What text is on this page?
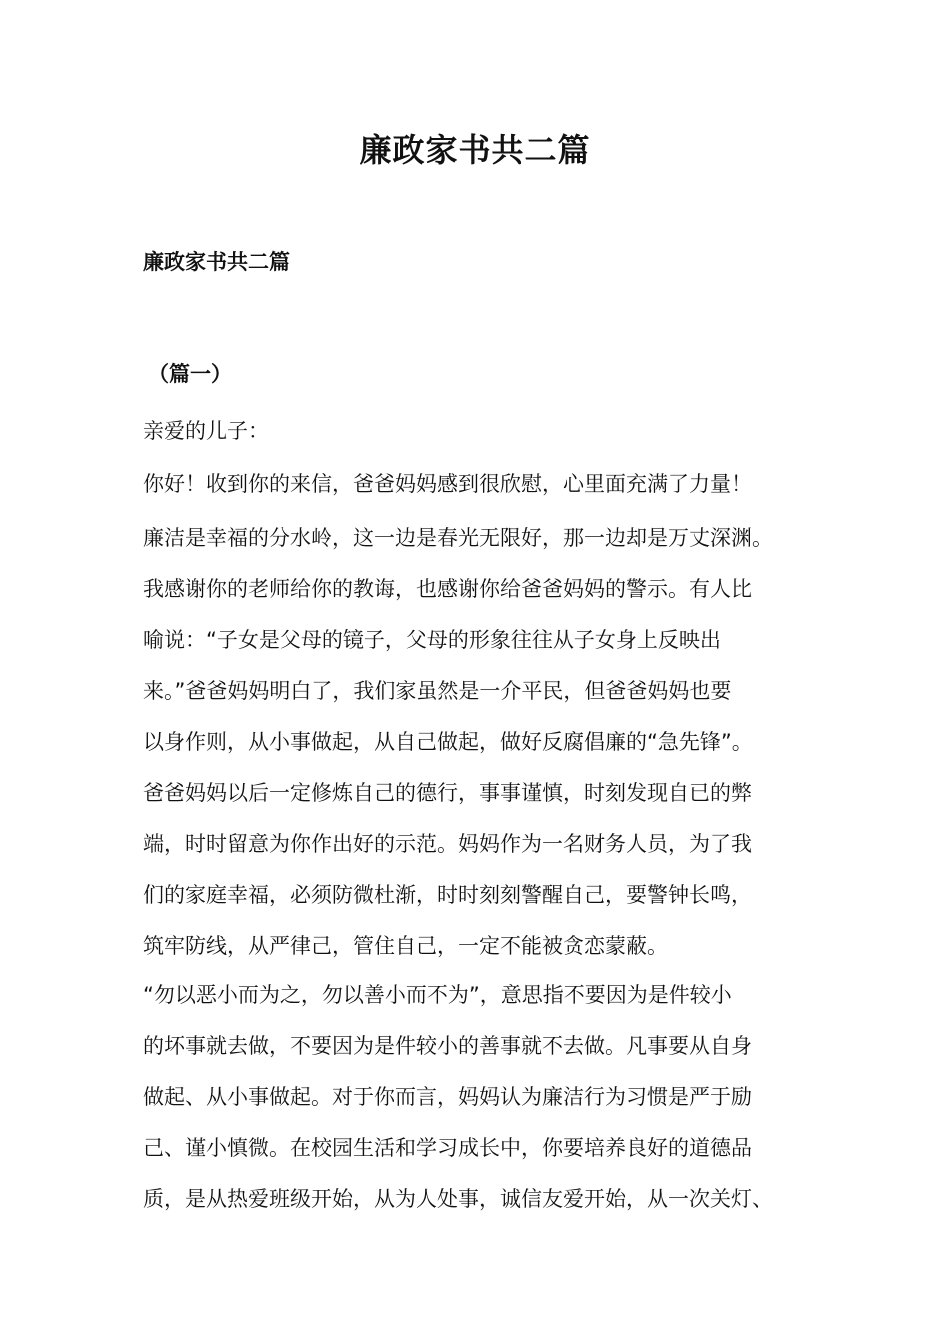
廉政家书共二篇
廉政家书共二篇
（篇一）

亲爱的儿子：

你好！收到你的来信，爸爸妈妈感到很欣慰，心里面充满了力量！

廉洁是幸福的分水岭，这一边是春光无限好，那一边却是万丈深渊。
我感谢你的老师给你的教诲，也感谢你给爸爸妈妈的警示。有人比
喻说：“子女是父母的镜子，父母的形象往往从子女身上反映出
来。”爸爸妈妈明白了，我们家虽然是一介平民，但爸爸妈妈也要
以身作则，从小事做起，从自己做起，做好反腐倡廉的“急先锋”。
爸爸妈妈以后一定修炼自己的德行，事事谨慎，时刻发现自已的弊
端，时时留意为你作出好的示范。妈妈作为一名财务人员，为了我
们的家庭幸福，必须防微杜渐，时时刻刻警醒自己，要警钟长鸣，
筑牢防线，从严律己，管住自己，一定不能被贪恋蒙蔽。

“勿以恶小而为之，勿以善小而不为”，意思指不要因为是件较小
的坏事就去做，不要因为是件较小的善事就不去做。凡事要从自身
做起、从小事做起。对于你而言，妈妈认为廉洁行为习惯是严于励
己、谨小慎微。在校园生活和学习成长中，你要培养良好的道德品
质，是从热爱班级开始，从为人处事，诚信友爱开始，从一次关灯、
